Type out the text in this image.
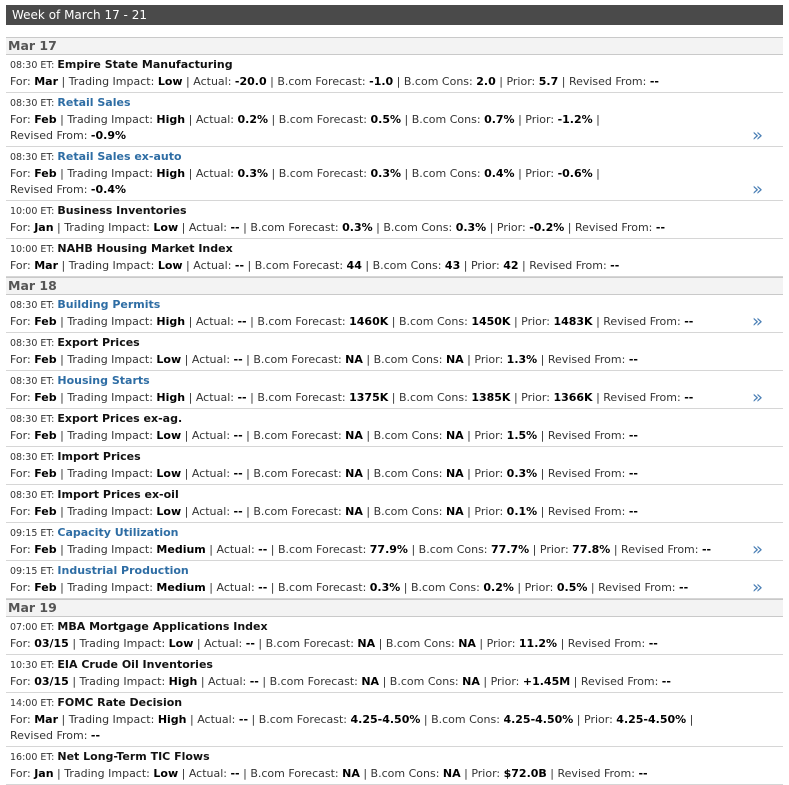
Week of March 17 - 21
Mar 17
08:30 ET: Empire State Manufacturing
For: Mar | Trading Impact: Low | Actual: -20.0 | B.com Forecast: -1.0 | B.com Cons: 2.0 | Prior: 5.7 | Revised From: --
08:30 ET: Retail Sales
For: Feb | Trading Impact: High | Actual: 0.2% | B.com Forecast: 0.5% | B.com Cons: 0.7% | Prior: -1.2% |
Revised From: -0.9%	»
08:30 ET: Retail Sales ex-auto
For: Feb | Trading Impact: High | Actual: 0.3% | B.com Forecast: 0.3% | B.com Cons: 0.4% | Prior: -0.6% |
Revised From: -0.4%	»
10:00 ET: Business Inventories
For: Jan | Trading Impact: Low | Actual: -- | B.com Forecast: 0.3% | B.com Cons: 0.3% | Prior: -0.2% | Revised From: --
10:00 ET: NAHB Housing Market Index
For: Mar | Trading Impact: Low | Actual: -- | B.com Forecast: 44 | B.com Cons: 43 | Prior: 42 | Revised From: --
Mar 18
08:30 ET: Building Permits
For: Feb | Trading Impact: High | Actual: -- | B.com Forecast: 1460K | B.com Cons: 1450K | Prior: 1483K | Revised From: --	»
08:30 ET: Export Prices
For: Feb | Trading Impact: Low | Actual: -- | B.com Forecast: NA | B.com Cons: NA | Prior: 1.3% | Revised From: --
08:30 ET: Housing Starts
For: Feb | Trading Impact: High | Actual: -- | B.com Forecast: 1375K | B.com Cons: 1385K | Prior: 1366K | Revised From: --	»
08:30 ET: Export Prices ex-ag.
For: Feb | Trading Impact: Low | Actual: -- | B.com Forecast: NA | B.com Cons: NA | Prior: 1.5% | Revised From: --
08:30 ET: Import Prices
For: Feb | Trading Impact: Low | Actual: -- | B.com Forecast: NA | B.com Cons: NA | Prior: 0.3% | Revised From: --
08:30 ET: Import Prices ex-oil
For: Feb | Trading Impact: Low | Actual: -- | B.com Forecast: NA | B.com Cons: NA | Prior: 0.1% | Revised From: --
09:15 ET: Capacity Utilization
For: Feb | Trading Impact: Medium | Actual: -- | B.com Forecast: 77.9% | B.com Cons: 77.7% | Prior: 77.8% | Revised From: --	»
09:15 ET: Industrial Production
For: Feb | Trading Impact: Medium | Actual: -- | B.com Forecast: 0.3% | B.com Cons: 0.2% | Prior: 0.5% | Revised From: --	»
Mar 19
07:00 ET: MBA Mortgage Applications Index
For: 03/15 | Trading Impact: Low | Actual: -- | B.com Forecast: NA | B.com Cons: NA | Prior: 11.2% | Revised From: --
10:30 ET: EIA Crude Oil Inventories
For: 03/15 | Trading Impact: High | Actual: -- | B.com Forecast: NA | B.com Cons: NA | Prior: +1.45M | Revised From: --
14:00 ET: FOMC Rate Decision
For: Mar | Trading Impact: High | Actual: -- | B.com Forecast: 4.25-4.50% | B.com Cons: 4.25-4.50% | Prior: 4.25-4.50% |
Revised From: --
16:00 ET: Net Long-Term TIC Flows
For: Jan | Trading Impact: Low | Actual: -- | B.com Forecast: NA | B.com Cons: NA | Prior: $72.0B | Revised From: --
